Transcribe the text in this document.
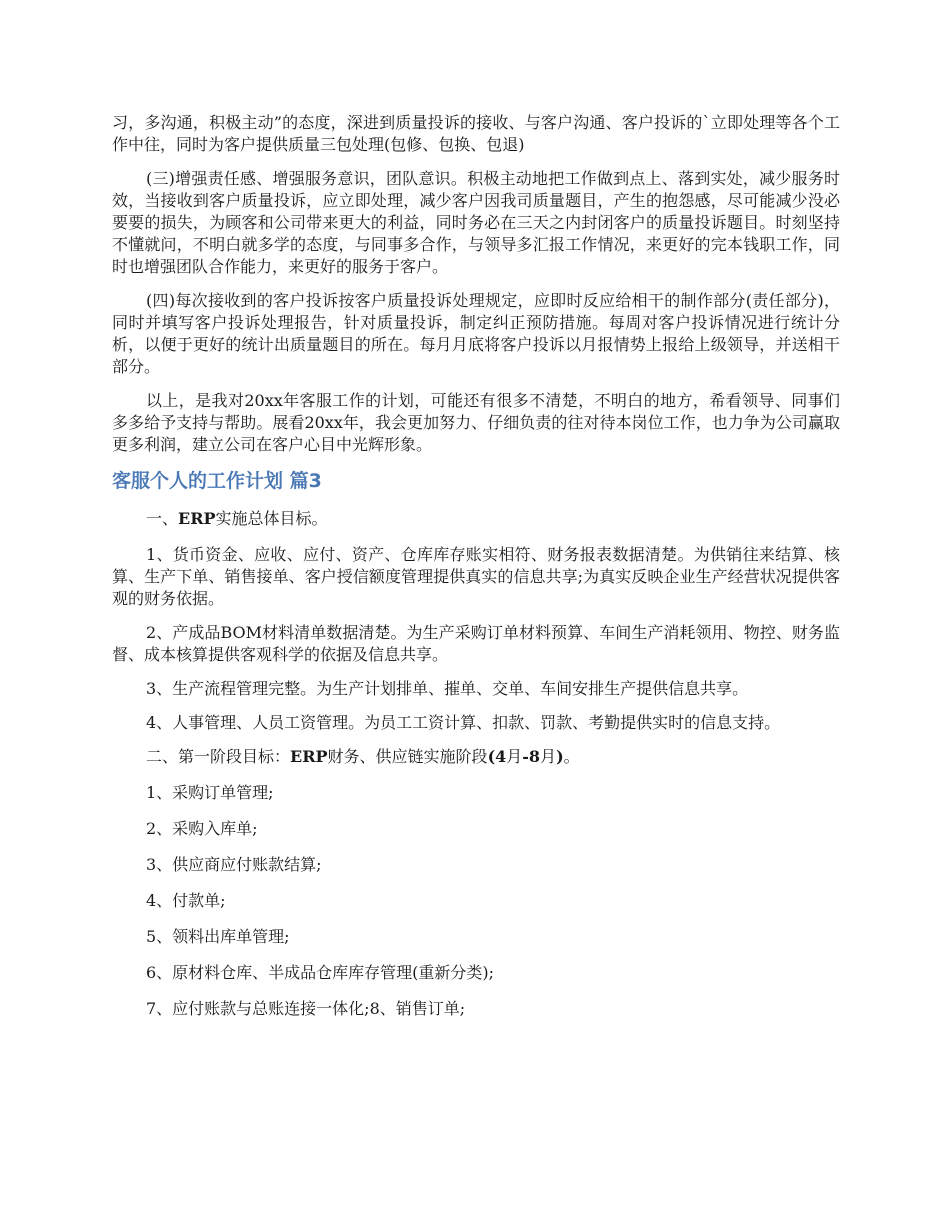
习，多沟通，积极主动”的态度，深进到质量投诉的接收、与客户沟通、客户投诉的`立即处理等各个工作中往，同时为客户提供质量三包处理(包修、包换、包退)

(三)增强责任感、增强服务意识，团队意识。积极主动地把工作做到点上、落到实处，减少服务时效，当接收到客户质量投诉，应立即处理，减少客户因我司质量题目，产生的抱怨感，尽可能减少没必要要的损失，为顾客和公司带来更大的利益，同时务必在三天之内封闭客户的质量投诉题目。时刻坚持不懂就问，不明白就多学的态度，与同事多合作，与领导多汇报工作情况，来更好的完本钱职工作，同时也增强团队合作能力，来更好的服务于客户。

(四)每次接收到的客户投诉按客户质量投诉处理规定，应即时反应给相干的制作部分(责任部分)，同时并填写客户投诉处理报告，针对质量投诉，制定纠正预防措施。每周对客户投诉情况进行统计分析，以便于更好的统计出质量题目的所在。每月月底将客户投诉以月报情势上报给上级领导，并送相干部分。

以上，是我对20xx年客服工作的计划，可能还有很多不清楚，不明白的地方，希看领导、同事们多多给予支持与帮助。展看20xx年，我会更加努力、仔细负责的往对待本岗位工作，也力争为公司赢取更多利润，建立公司在客户心目中光辉形象。

客服个人的工作计划 篇3

一、ERP实施总体目标。

1、货币资金、应收、应付、资产、仓库库存账实相符、财务报表数据清楚。为供销往来结算、核算、生产下单、销售接单、客户授信额度管理提供真实的信息共享;为真实反映企业生产经营状况提供客观的财务依据。

2、产成品BOM材料清单数据清楚。为生产采购订单材料预算、车间生产消耗领用、物控、财务监督、成本核算提供客观科学的依据及信息共享。

3、生产流程管理完整。为生产计划排单、摧单、交单、车间安排生产提供信息共享。

4、人事管理、人员工资管理。为员工工资计算、扣款、罚款、考勤提供实时的信息支持。

二、第一阶段目标：ERP财务、供应链实施阶段(4月-8月)。

1、采购订单管理;

2、采购入库单;

3、供应商应付账款结算;

4、付款单;

5、领料出库单管理;

6、原材料仓库、半成品仓库库存管理(重新分类);

7、应付账款与总账连接一体化;8、销售订单;
